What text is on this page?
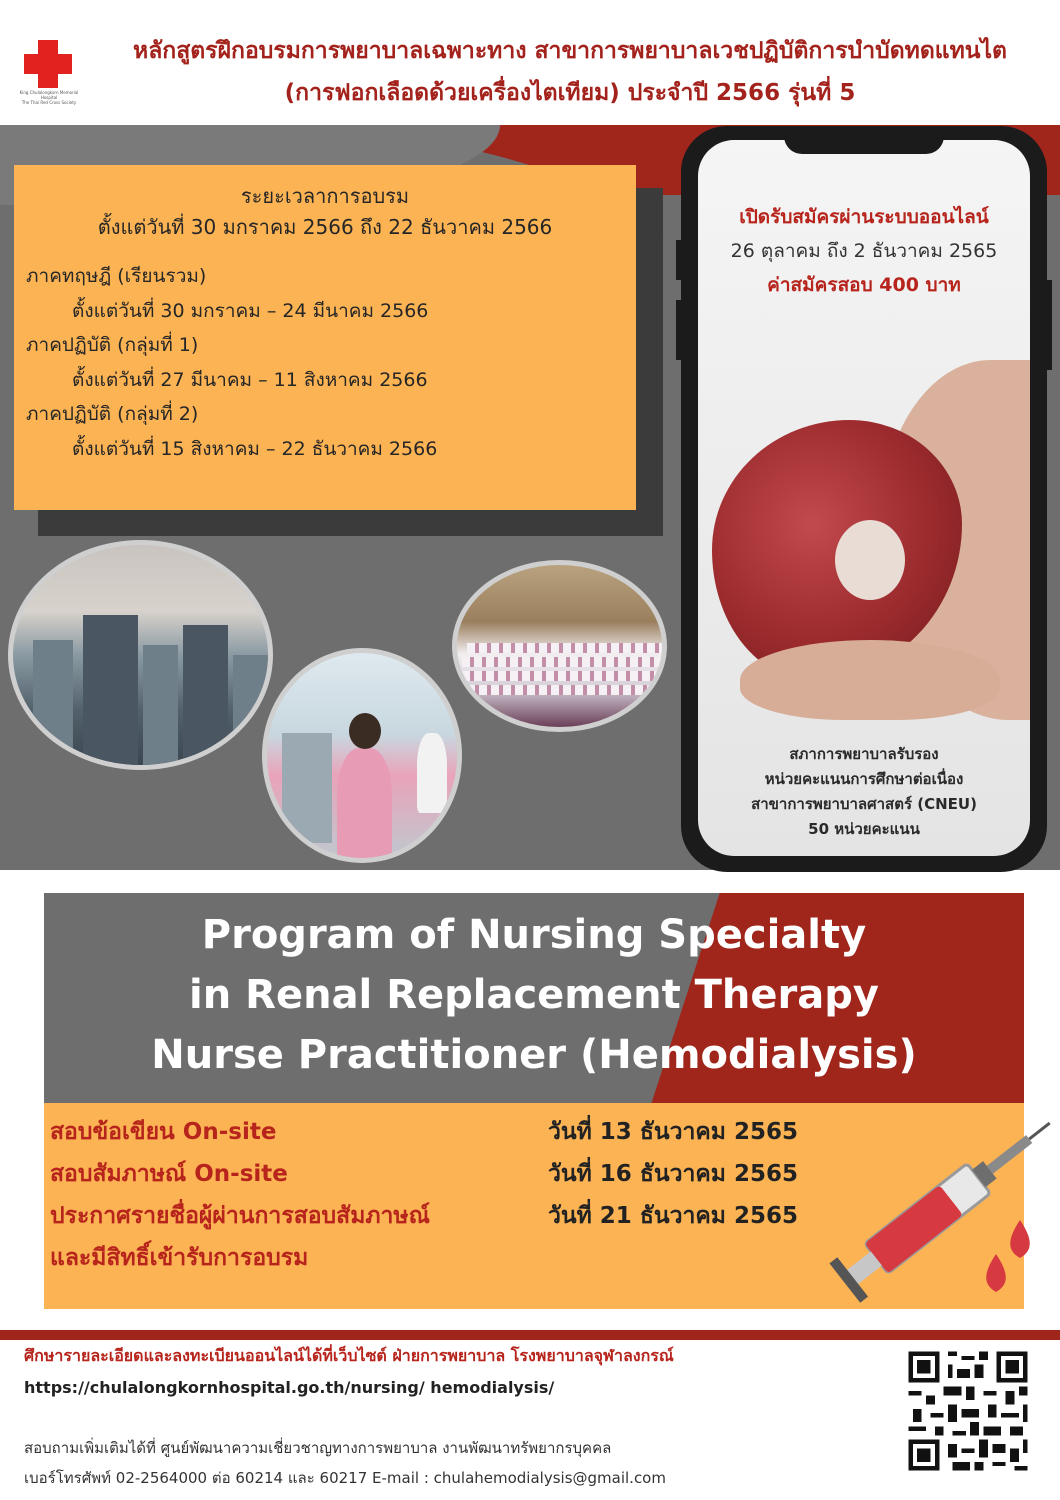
King Chulalongkorn Memorial Hospital
The Thai Red Cross Society
หลักสูตรฝึกอบรมการพยาบาลเฉพาะทาง สาขาการพยาบาลเวชปฏิบัติการบำบัดทดแทนไต
(การฟอกเลือดด้วยเครื่องไตเทียม) ประจำปี 2566 รุ่นที่ 5
ระยะเวลาการอบรม
ตั้งแต่วันที่ 30 มกราคม 2566 ถึง 22 ธันวาคม 2566
ภาคทฤษฎี (เรียนรวม)
ตั้งแต่วันที่ 30 มกราคม – 24 มีนาคม 2566
ภาคปฏิบัติ (กลุ่มที่ 1)
ตั้งแต่วันที่ 27 มีนาคม – 11 สิงหาคม 2566
ภาคปฏิบัติ (กลุ่มที่ 2)
ตั้งแต่วันที่ 15 สิงหาคม – 22 ธันวาคม 2566
เปิดรับสมัครผ่านระบบออนไลน์
26 ตุลาคม ถึง 2 ธันวาคม 2565
ค่าสมัครสอบ 400 บาท
สภาการพยาบาลรับรอง
หน่วยคะแนนการศึกษาต่อเนื่อง
สาขาการพยาบาลศาสตร์ (CNEU)
50 หน่วยคะแนน
Program of Nursing Specialty
in Renal Replacement Therapy
Nurse Practitioner (Hemodialysis)
สอบข้อเขียน On-site	วันที่ 13 ธันวาคม 2565
สอบสัมภาษณ์ On-site	วันที่ 16 ธันวาคม 2565
ประกาศรายชื่อผู้ผ่านการสอบสัมภาษณ์	วันที่ 21 ธันวาคม 2565
และมีสิทธิ์เข้ารับการอบรม
ศึกษารายละเอียดและลงทะเบียนออนไลน์ได้ที่เว็บไซต์ ฝ่ายการพยาบาล โรงพยาบาลจุฬาลงกรณ์
https://chulalongkornhospital.go.th/nursing/ hemodialysis/
สอบถามเพิ่มเติมได้ที่ ศูนย์พัฒนาความเชี่ยวชาญทางการพยาบาล งานพัฒนาทรัพยากรบุคคล
เบอร์โทรศัพท์ 02-2564000 ต่อ 60214 และ 60217 E-mail : chulahemodialysis@gmail.com
